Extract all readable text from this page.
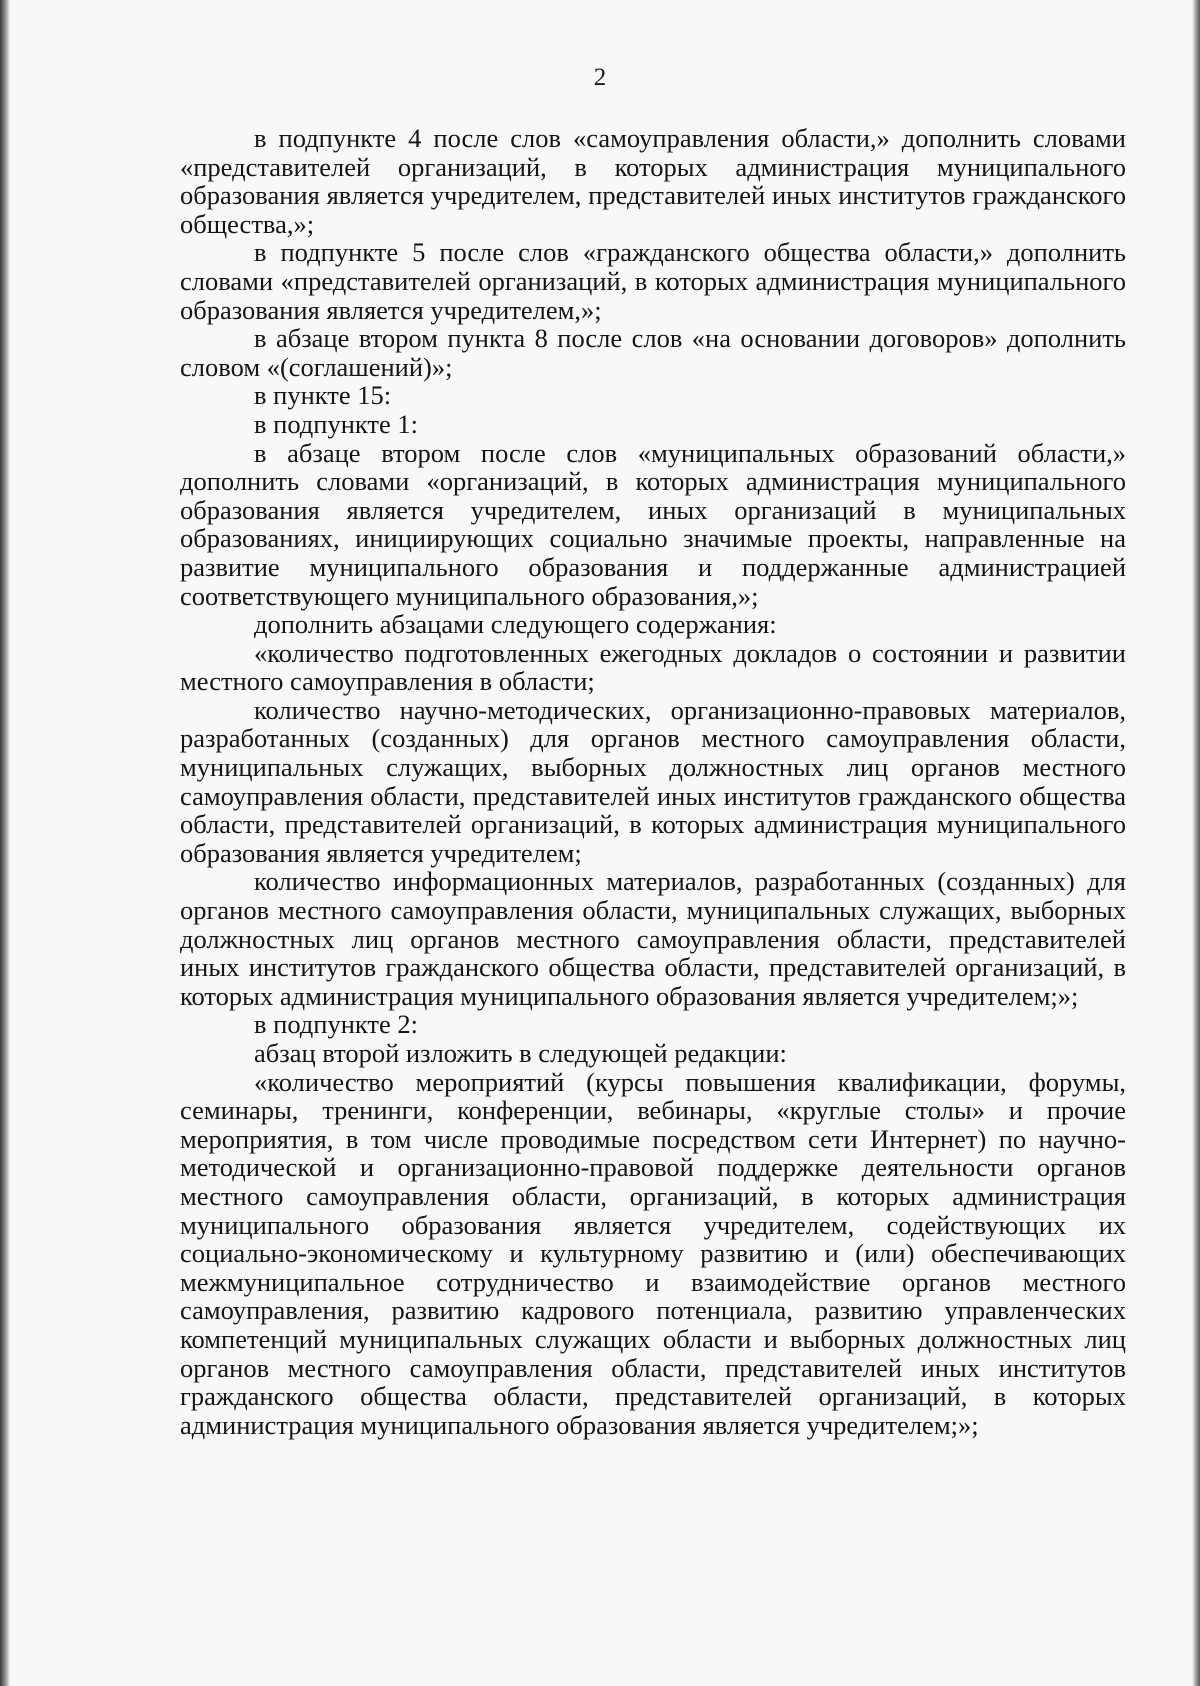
2

в подпункте 4 после слов «самоуправления области,» дополнить словами «представителей организаций, в которых администрация муниципального образования является учредителем, представителей иных институтов гражданского общества,»;

в подпункте 5 после слов «гражданского общества области,» дополнить словами «представителей организаций, в которых администрация муниципального образования является учредителем,»;

в абзаце втором пункта 8 после слов «на основании договоров» дополнить словом «(соглашений)»;

в пункте 15:

в подпункте 1:

в абзаце втором после слов «муниципальных образований области,» дополнить словами «организаций, в которых администрация муниципального образования является учредителем, иных организаций в муниципальных образованиях, инициирующих социально значимые проекты, направленные на развитие муниципального образования и поддержанные администрацией соответствующего муниципального образования,»;

дополнить абзацами следующего содержания:

«количество подготовленных ежегодных докладов о состоянии и развитии местного самоуправления в области;

количество научно-методических, организационно-правовых материалов, разработанных (созданных) для органов местного самоуправления области, муниципальных служащих, выборных должностных лиц органов местного самоуправления области, представителей иных институтов гражданского общества области, представителей организаций, в которых администрация муниципального образования является учредителем;

количество информационных материалов, разработанных (созданных) для органов местного самоуправления области, муниципальных служащих, выборных должностных лиц органов местного самоуправления области, представителей иных институтов гражданского общества области, представителей организаций, в которых администрация муниципального образования является учредителем;»;

в подпункте 2:

абзац второй изложить в следующей редакции:

«количество мероприятий (курсы повышения квалификации, форумы, семинары, тренинги, конференции, вебинары, «круглые столы» и прочие мероприятия, в том числе проводимые посредством сети Интернет) по научно-методической и организационно-правовой поддержке деятельности органов местного самоуправления области, организаций, в которых администрация муниципального образования является учредителем, содействующих их социально-экономическому и культурному развитию и (или) обеспечивающих межмуниципальное сотрудничество и взаимодействие органов местного самоуправления, развитию кадрового потенциала, развитию управленческих компетенций муниципальных служащих области и выборных должностных лиц органов местного самоуправления области, представителей иных институтов гражданского общества области, представителей организаций, в которых администрация муниципального образования является учредителем;»;
